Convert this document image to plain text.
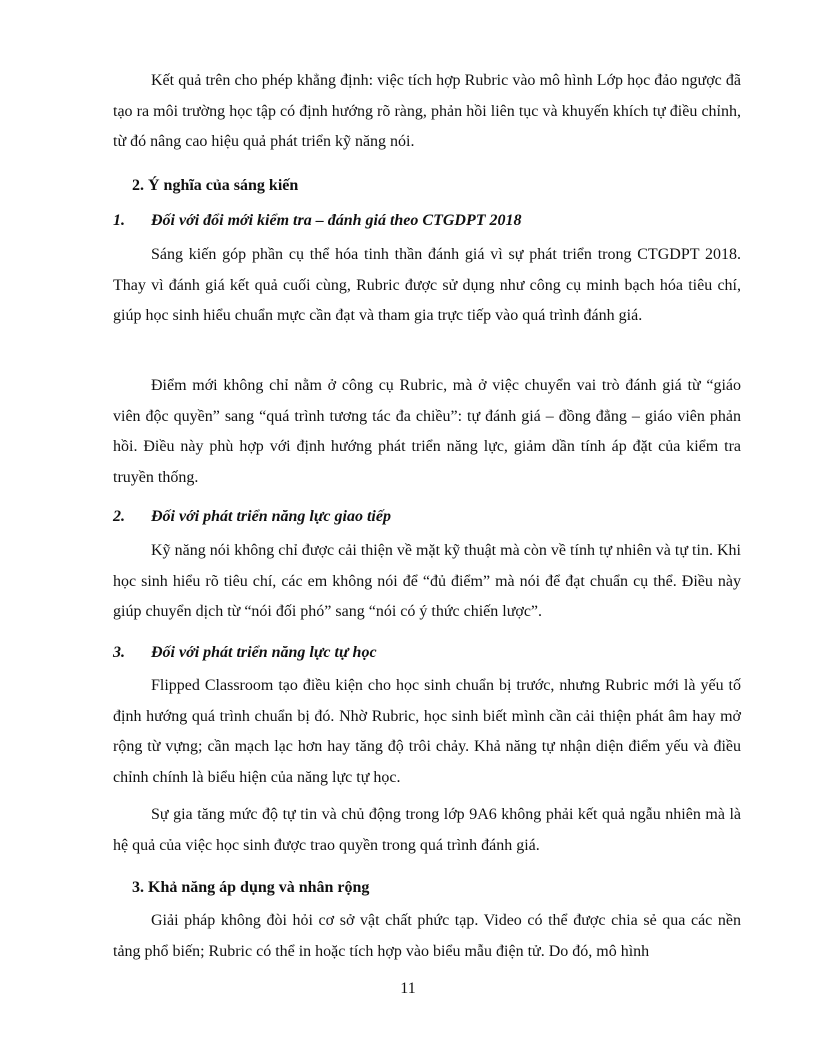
Kết quả trên cho phép khẳng định: việc tích hợp Rubric vào mô hình Lớp học đảo ngược đã tạo ra môi trường học tập có định hướng rõ ràng, phản hồi liên tục và khuyến khích tự điều chỉnh, từ đó nâng cao hiệu quả phát triển kỹ năng nói.

2. Ý nghĩa của sáng kiến
1. Đối với đổi mới kiểm tra – đánh giá theo CTGDPT 2018

Sáng kiến góp phần cụ thể hóa tinh thần đánh giá vì sự phát triển trong CTGDPT 2018. Thay vì đánh giá kết quả cuối cùng, Rubric được sử dụng như công cụ minh bạch hóa tiêu chí, giúp học sinh hiểu chuẩn mực cần đạt và tham gia trực tiếp vào quá trình đánh giá.

Điểm mới không chỉ nằm ở công cụ Rubric, mà ở việc chuyển vai trò đánh giá từ “giáo viên độc quyền” sang “quá trình tương tác đa chiều”: tự đánh giá – đồng đẳng – giáo viên phản hồi. Điều này phù hợp với định hướng phát triển năng lực, giảm dần tính áp đặt của kiểm tra truyền thống.

2. Đối với phát triển năng lực giao tiếp

Kỹ năng nói không chỉ được cải thiện về mặt kỹ thuật mà còn về tính tự nhiên và tự tin. Khi học sinh hiểu rõ tiêu chí, các em không nói để “đủ điểm” mà nói để đạt chuẩn cụ thể. Điều này giúp chuyển dịch từ “nói đối phó” sang “nói có ý thức chiến lược”.

3. Đối với phát triển năng lực tự học

Flipped Classroom tạo điều kiện cho học sinh chuẩn bị trước, nhưng Rubric mới là yếu tố định hướng quá trình chuẩn bị đó. Nhờ Rubric, học sinh biết mình cần cải thiện phát âm hay mở rộng từ vựng; cần mạch lạc hơn hay tăng độ trôi chảy. Khả năng tự nhận diện điểm yếu và điều chỉnh chính là biểu hiện của năng lực tự học.

Sự gia tăng mức độ tự tin và chủ động trong lớp 9A6 không phải kết quả ngẫu nhiên mà là hệ quả của việc học sinh được trao quyền trong quá trình đánh giá.

3. Khả năng áp dụng và nhân rộng

Giải pháp không đòi hỏi cơ sở vật chất phức tạp. Video có thể được chia sẻ qua các nền tảng phổ biến; Rubric có thể in hoặc tích hợp vào biểu mẫu điện tử. Do đó, mô hình

11
